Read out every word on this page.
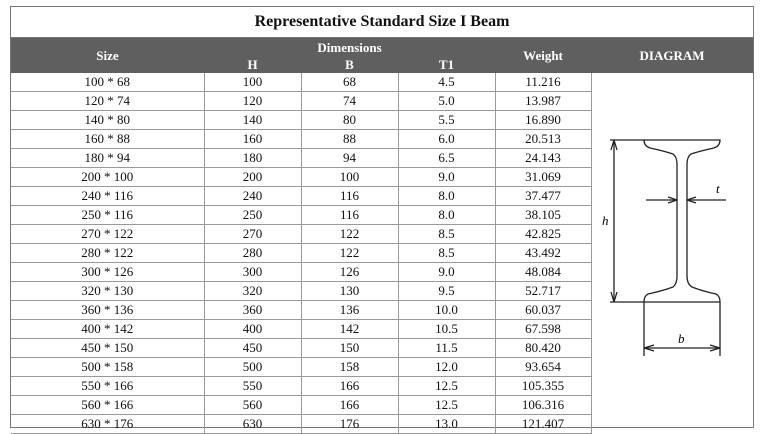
Representative Standard Size I Beam
Size	Dimensions			Weight	DIAGRAM
	H	B	T1		
100 * 68	100	68	4.5	11.216	h
t
b

120 * 74	120	74	5.0	13.987	
140 * 80	140	80	5.5	16.890	
160 * 88	160	88	6.0	20.513	
180 * 94	180	94	6.5	24.143	
200 * 100	200	100	9.0	31.069	
240 * 116	240	116	8.0	37.477	
250 * 116	250	116	8.0	38.105	
270 * 122	270	122	8.5	42.825	
280 * 122	280	122	8.5	43.492	
300 * 126	300	126	9.0	48.084	
320 * 130	320	130	9.5	52.717	
360 * 136	360	136	10.0	60.037	
400 * 142	400	142	10.5	67.598	
450 * 150	450	150	11.5	80.420	
500 * 158	500	158	12.0	93.654	
550 * 166	550	166	12.5	105.355	
560 * 166	560	166	12.5	106.316	
630 * 176	630	176	13.0	121.407	
